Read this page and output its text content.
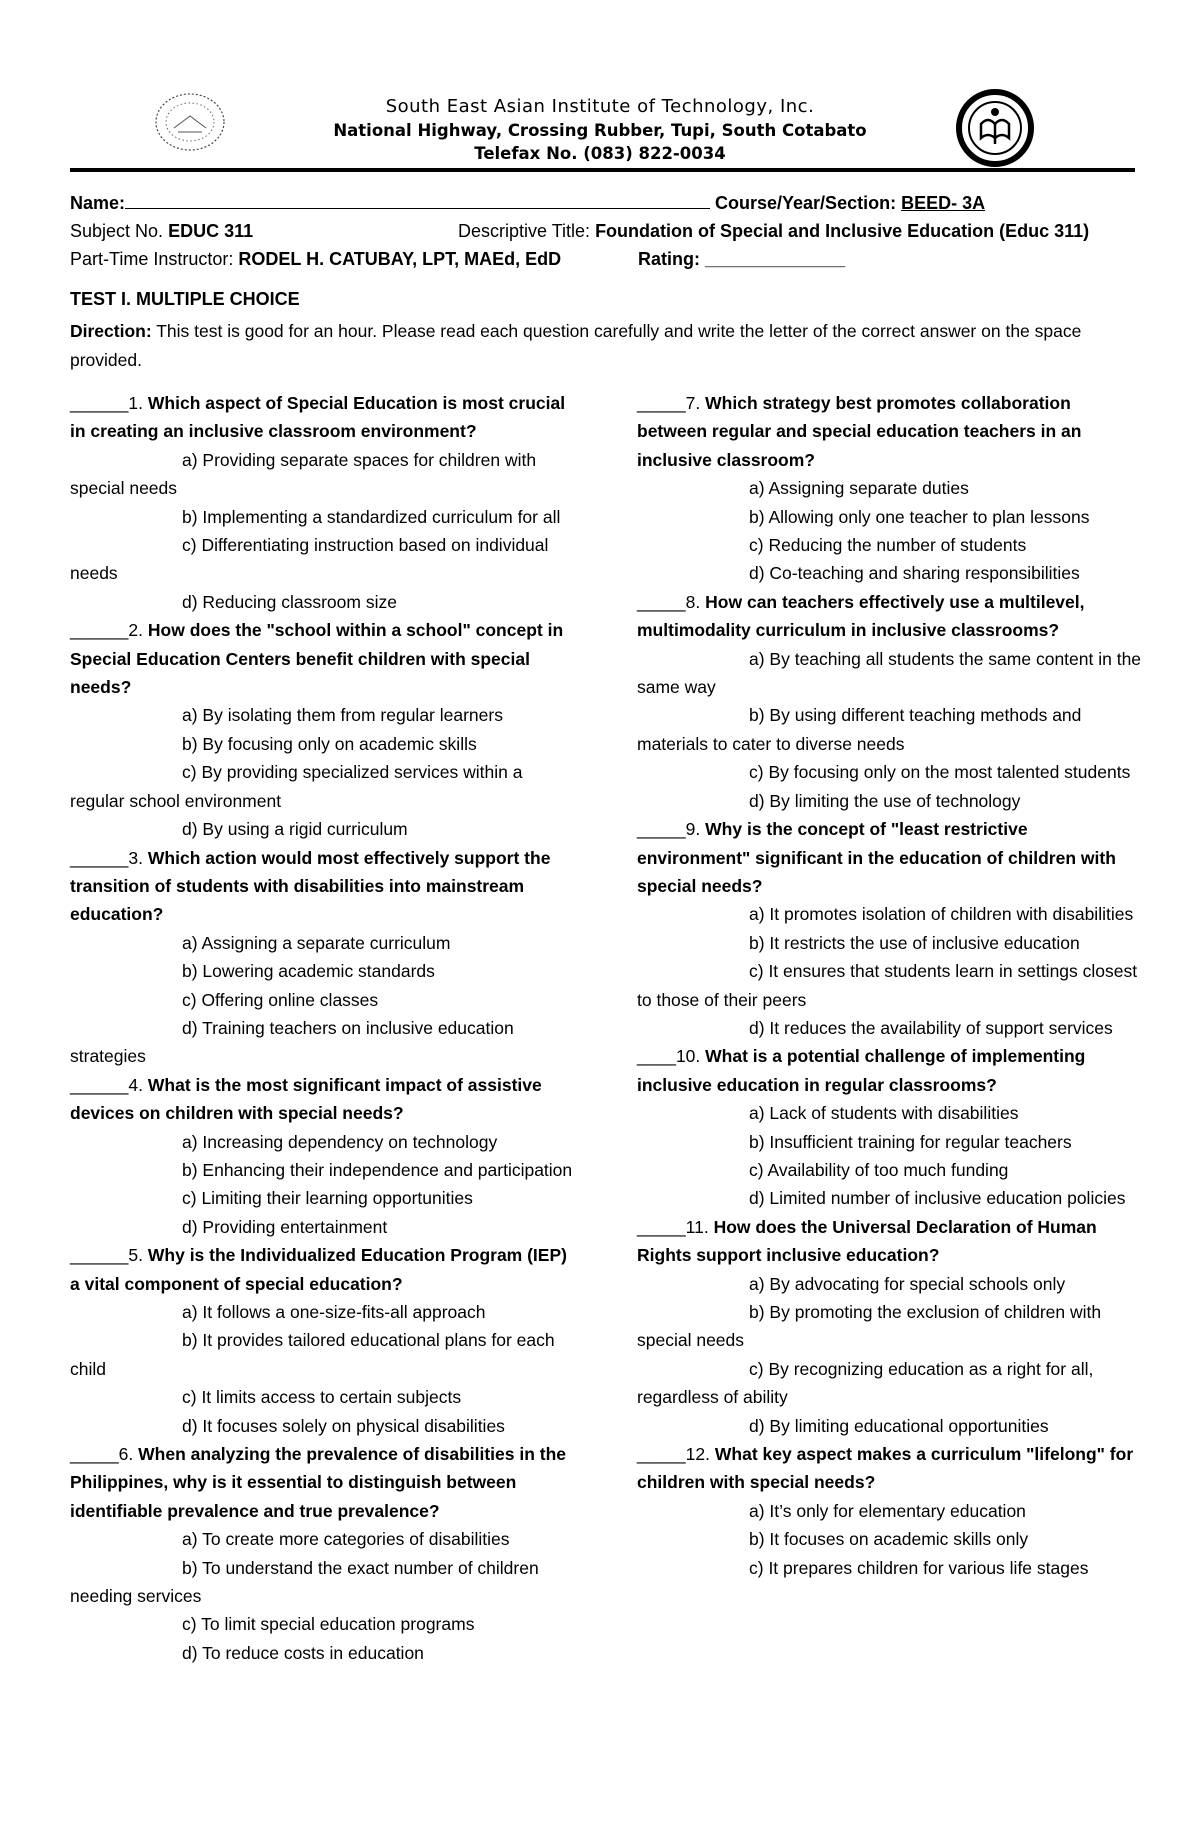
South East Asian Institute of Technology, Inc.
National Highway, Crossing Rubber, Tupi, South Cotabato
Telefax No. (083) 822-0034
Name:	Course/Year/Section: BEED- 3A
Subject No. EDUC 311	Descriptive Title: Foundation of Special and Inclusive Education (Educ 311)
Part-Time Instructor: RODEL H. CATUBAY, LPT, MAEd, EdD	Rating: ______________
TEST I. MULTIPLE CHOICE
Direction: This test is good for an hour. Please read each question carefully and write the letter of the correct answer on the space provided.

______1. Which aspect of Special Education is most crucial in creating an inclusive classroom environment?

a) Providing separate spaces for children with special needs

b) Implementing a standardized curriculum for all

c) Differentiating instruction based on individual needs

d) Reducing classroom size

______2. How does the "school within a school" concept in Special Education Centers benefit children with special needs?

a) By isolating them from regular learners

b) By focusing only on academic skills

c) By providing specialized services within a regular school environment

d) By using a rigid curriculum

______3. Which action would most effectively support the transition of students with disabilities into mainstream education?

a) Assigning a separate curriculum

b) Lowering academic standards

c) Offering online classes

d) Training teachers on inclusive education strategies

______4. What is the most significant impact of assistive devices on children with special needs?

a) Increasing dependency on technology

b) Enhancing their independence and participation

c) Limiting their learning opportunities

d) Providing entertainment

______5. Why is the Individualized Education Program (IEP) a vital component of special education?

a) It follows a one-size-fits-all approach

b) It provides tailored educational plans for each child

c) It limits access to certain subjects

d) It focuses solely on physical disabilities

_____6. When analyzing the prevalence of disabilities in the Philippines, why is it essential to distinguish between identifiable prevalence and true prevalence?

a) To create more categories of disabilities

b) To understand the exact number of children needing services

c) To limit special education programs

d) To reduce costs in education

_____7. Which strategy best promotes collaboration between regular and special education teachers in an inclusive classroom?

a) Assigning separate duties

b) Allowing only one teacher to plan lessons

c) Reducing the number of students

d) Co-teaching and sharing responsibilities

_____8. How can teachers effectively use a multilevel, multimodality curriculum in inclusive classrooms?

a) By teaching all students the same content in the same way

b) By using different teaching methods and materials to cater to diverse needs

c) By focusing only on the most talented students

d) By limiting the use of technology

_____9. Why is the concept of "least restrictive environment" significant in the education of children with special needs?

a) It promotes isolation of children with disabilities

b) It restricts the use of inclusive education

c) It ensures that students learn in settings closest to those of their peers

d) It reduces the availability of support services

____10. What is a potential challenge of implementing inclusive education in regular classrooms?

a) Lack of students with disabilities

b) Insufficient training for regular teachers

c) Availability of too much funding

d) Limited number of inclusive education policies

_____11. How does the Universal Declaration of Human Rights support inclusive education?

a) By advocating for special schools only

b) By promoting the exclusion of children with special needs

c) By recognizing education as a right for all, regardless of ability

d) By limiting educational opportunities

_____12. What key aspect makes a curriculum "lifelong" for children with special needs?

a) It’s only for elementary education

b) It focuses on academic skills only

c) It prepares children for various life stages
